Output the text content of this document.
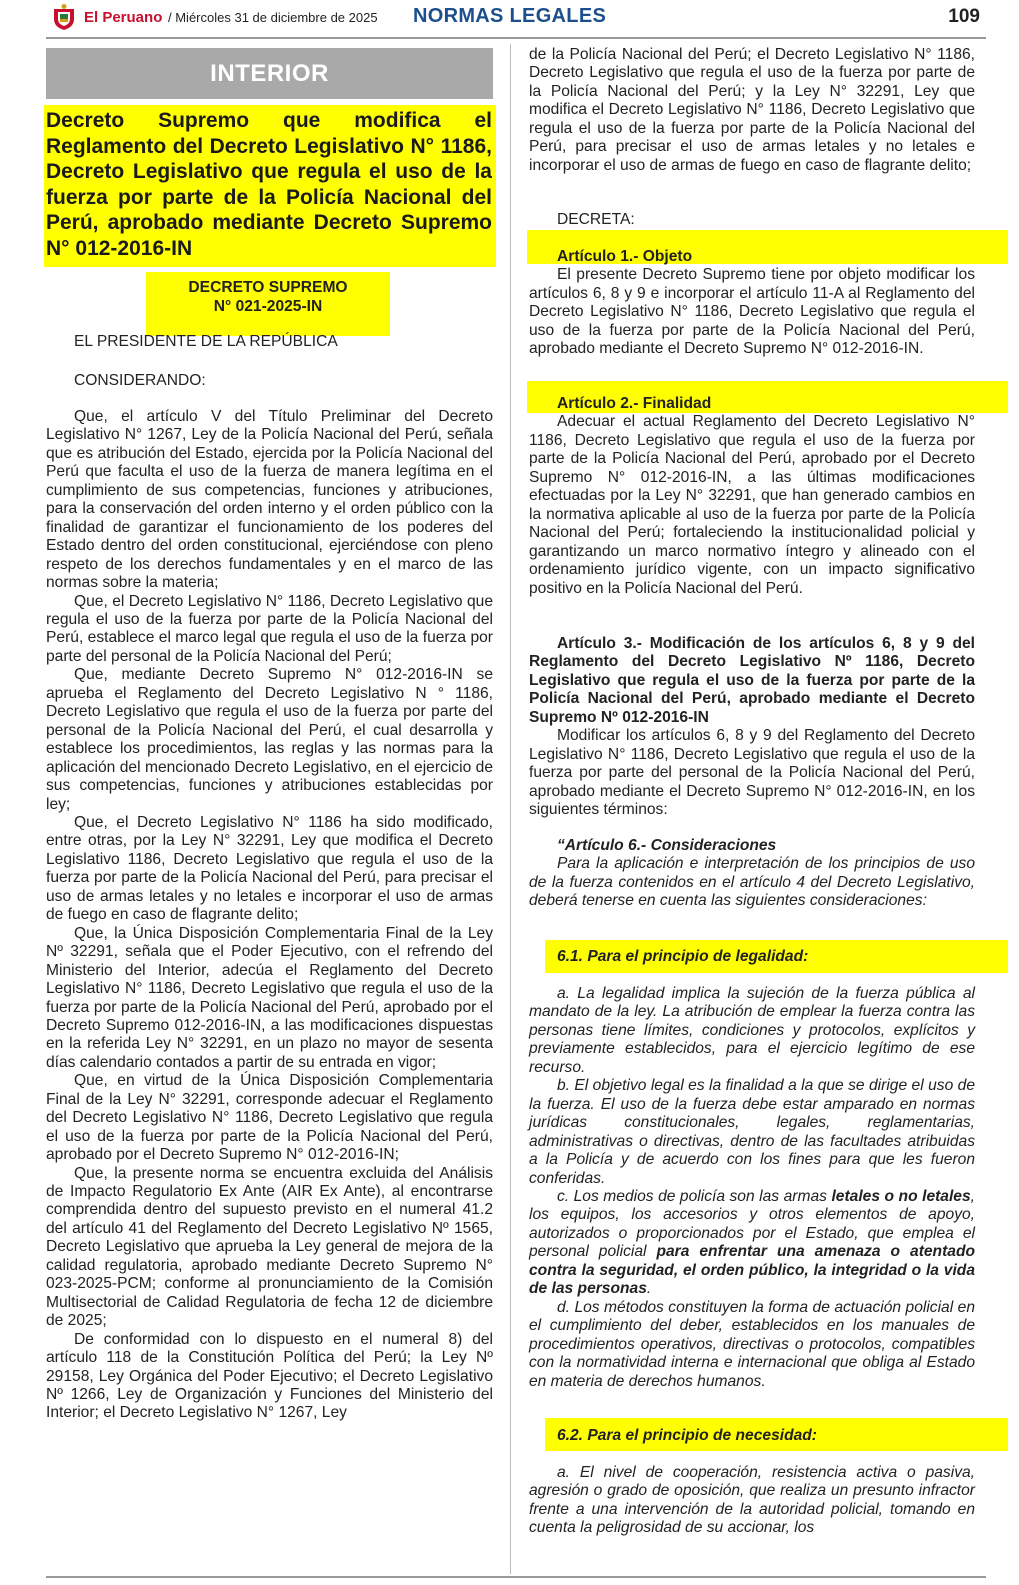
El Peruano / Miércoles 31 de diciembre de 2025 NORMAS LEGALES	109
INTERIOR
Decreto Supremo que modifica el Reglamento del Decreto Legislativo N° 1186, Decreto Legislativo que regula el uso de la fuerza por parte de la Policía Nacional del Perú, aprobado mediante Decreto Supremo N° 012-2016-IN
DECRETO SUPREMO
N° 021-2025-IN

EL PRESIDENTE DE LA REPÚBLICA

CONSIDERANDO:

Que, el artículo V del Título Preliminar del Decreto Legislativo N° 1267, Ley de la Policía Nacional del Perú, señala que es atribución del Estado, ejercida por la Policía Nacional del Perú que faculta el uso de la fuerza de manera legítima en el cumplimiento de sus competencias, funciones y atribuciones, para la conservación del orden interno y el orden público con la finalidad de garantizar el funcionamiento de los poderes del Estado dentro del orden constitucional, ejerciéndose con pleno respeto de los derechos fundamentales y en el marco de las normas sobre la materia;

Que, el Decreto Legislativo N° 1186, Decreto Legislativo que regula el uso de la fuerza por parte de la Policía Nacional del Perú, establece el marco legal que regula el uso de la fuerza por parte del personal de la Policía Nacional del Perú;

Que, mediante Decreto Supremo N° 012-2016-IN se aprueba el Reglamento del Decreto Legislativo N ° 1186, Decreto Legislativo que regula el uso de la fuerza por parte del personal de la Policía Nacional del Perú, el cual desarrolla y establece los procedimientos, las reglas y las normas para la aplicación del mencionado Decreto Legislativo, en el ejercicio de sus competencias, funciones y atribuciones establecidas por ley;

Que, el Decreto Legislativo N° 1186 ha sido modificado, entre otras, por la Ley N° 32291, Ley que modifica el Decreto Legislativo 1186, Decreto Legislativo que regula el uso de la fuerza por parte de la Policía Nacional del Perú, para precisar el uso de armas letales y no letales e incorporar el uso de armas de fuego en caso de flagrante delito;

Que, la Única Disposición Complementaria Final de la Ley Nº 32291, señala que el Poder Ejecutivo, con el refrendo del Ministerio del Interior, adecúa el Reglamento del Decreto Legislativo N° 1186, Decreto Legislativo que regula el uso de la fuerza por parte de la Policía Nacional del Perú, aprobado por el Decreto Supremo 012-2016-IN, a las modificaciones dispuestas en la referida Ley N° 32291, en un plazo no mayor de sesenta días calendario contados a partir de su entrada en vigor;

Que, en virtud de la Única Disposición Complementaria Final de la Ley N° 32291, corresponde adecuar el Reglamento del Decreto Legislativo N° 1186, Decreto Legislativo que regula el uso de la fuerza por parte de la Policía Nacional del Perú, aprobado por el Decreto Supremo N° 012-2016-IN;

Que, la presente norma se encuentra excluida del Análisis de Impacto Regulatorio Ex Ante (AIR Ex Ante), al encontrarse comprendida dentro del supuesto previsto en el numeral 41.2 del artículo 41 del Reglamento del Decreto Legislativo Nº 1565, Decreto Legislativo que aprueba la Ley general de mejora de la calidad regulatoria, aprobado mediante Decreto Supremo N° 023-2025-PCM; conforme al pronunciamiento de la Comisión Multisectorial de Calidad Regulatoria de fecha 12 de diciembre de 2025;

De conformidad con lo dispuesto en el numeral 8) del artículo 118 de la Constitución Política del Perú; la Ley Nº 29158, Ley Orgánica del Poder Ejecutivo; el Decreto Legislativo Nº 1266, Ley de Organización y Funciones del Ministerio del Interior; el Decreto Legislativo N° 1267, Ley

de la Policía Nacional del Perú; el Decreto Legislativo N° 1186, Decreto Legislativo que regula el uso de la fuerza por parte de la Policía Nacional del Perú; y la Ley N° 32291, Ley que modifica el Decreto Legislativo N° 1186, Decreto Legislativo que regula el uso de la fuerza por parte de la Policía Nacional del Perú, para precisar el uso de armas letales y no letales e incorporar el uso de armas de fuego en caso de flagrante delito;

DECRETA:

Artículo 1.- Objeto

El presente Decreto Supremo tiene por objeto modificar los artículos 6, 8 y 9 e incorporar el artículo 11-A al Reglamento del Decreto Legislativo N° 1186, Decreto Legislativo que regula el uso de la fuerza por parte de la Policía Nacional del Perú, aprobado mediante el Decreto Supremo N° 012-2016-IN.

Artículo 2.- Finalidad

Adecuar el actual Reglamento del Decreto Legislativo N° 1186, Decreto Legislativo que regula el uso de la fuerza por parte de la Policía Nacional del Perú, aprobado por el Decreto Supremo N° 012-2016-IN, a las últimas modificaciones efectuadas por la Ley N° 32291, que han generado cambios en la normativa aplicable al uso de la fuerza por parte de la Policía Nacional del Perú; fortaleciendo la institucionalidad policial y garantizando un marco normativo íntegro y alineado con el ordenamiento jurídico vigente, con un impacto significativo positivo en la Policía Nacional del Perú.

Artículo 3.- Modificación de los artículos 6, 8 y 9 del Reglamento del Decreto Legislativo Nº 1186, Decreto Legislativo que regula el uso de la fuerza por parte de la Policía Nacional del Perú, aprobado mediante el Decreto Supremo Nº 012-2016-IN

Modificar los artículos 6, 8 y 9 del Reglamento del Decreto Legislativo N° 1186, Decreto Legislativo que regula el uso de la fuerza por parte del personal de la Policía Nacional del Perú, aprobado mediante el Decreto Supremo N° 012-2016-IN, en los siguientes términos:

“Artículo 6.- Consideraciones

Para la aplicación e interpretación de los principios de uso de la fuerza contenidos en el artículo 4 del Decreto Legislativo, deberá tenerse en cuenta las siguientes consideraciones:

6.1. Para el principio de legalidad:

a. La legalidad implica la sujeción de la fuerza pública al mandato de la ley. La atribución de emplear la fuerza contra las personas tiene límites, condiciones y protocolos, explícitos y previamente establecidos, para el ejercicio legítimo de ese recurso.

b. El objetivo legal es la finalidad a la que se dirige el uso de la fuerza. El uso de la fuerza debe estar amparado en normas jurídicas constitucionales, legales, reglamentarias, administrativas o directivas, dentro de las facultades atribuidas a la Policía y de acuerdo con los fines para que les fueron conferidas.

c. Los medios de policía son las armas letales o no letales, los equipos, los accesorios y otros elementos de apoyo, autorizados o proporcionados por el Estado, que emplea el personal policial para enfrentar una amenaza o atentado contra la seguridad, el orden público, la integridad o la vida de las personas.

d. Los métodos constituyen la forma de actuación policial en el cumplimiento del deber, establecidos en los manuales de procedimientos operativos, directivas o protocolos, compatibles con la normatividad interna e internacional que obliga al Estado en materia de derechos humanos.

6.2. Para el principio de necesidad:

a. El nivel de cooperación, resistencia activa o pasiva, agresión o grado de oposición, que realiza un presunto infractor frente a una intervención de la autoridad policial, tomando en cuenta la peligrosidad de su accionar, los
